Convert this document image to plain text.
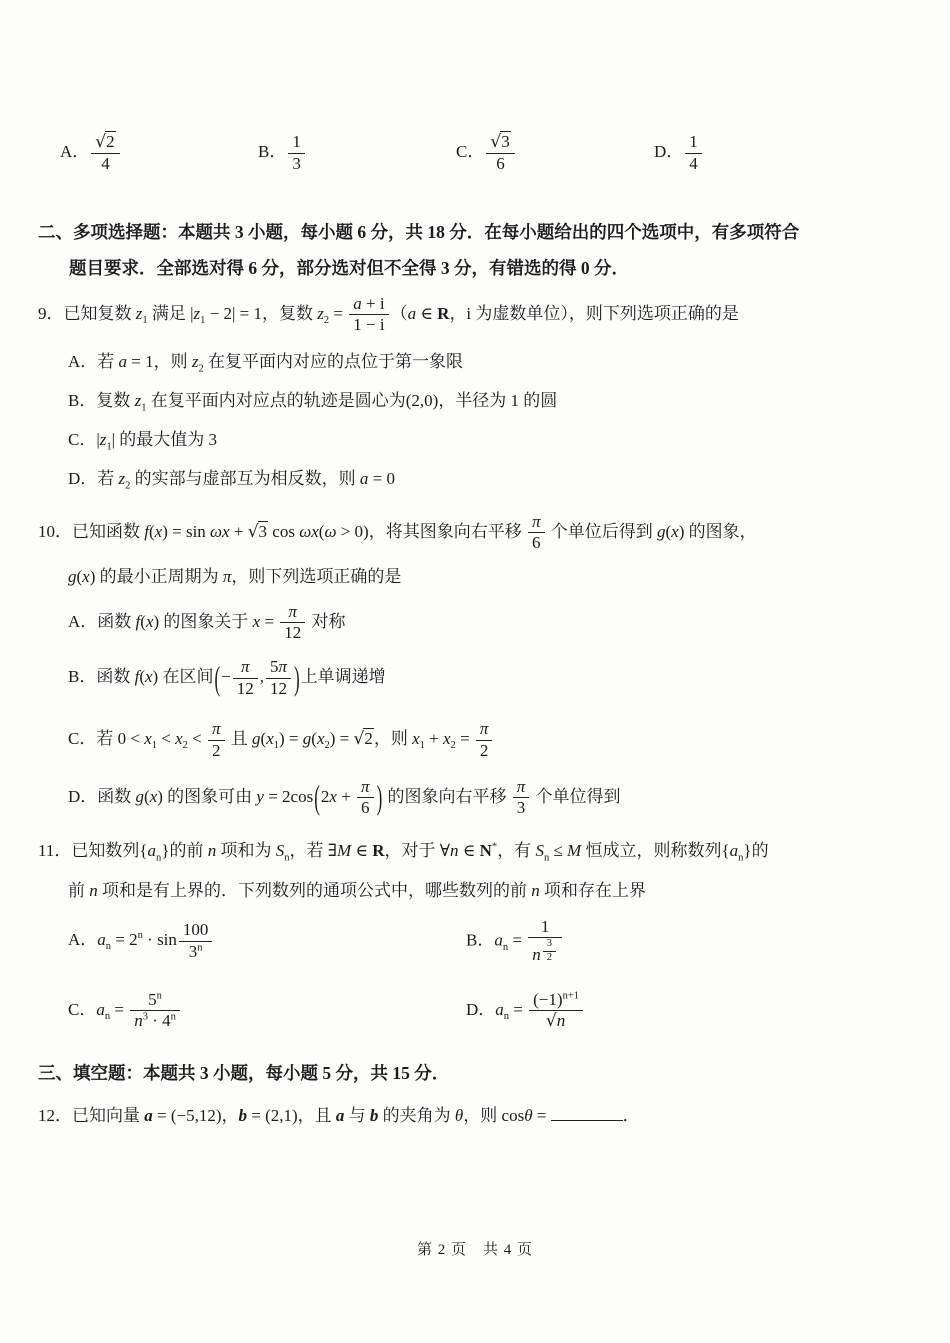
A． √ $\frac{2}{4}$	B． $\frac{1}{3}$	C． √ $\frac{3}{6}$	D． $\frac{1}{4}$
二、多项选择题：本题共 3 小题，每小题 6 分，共 18 分．在每小题给出的四个选项中，有多项符合
题目要求．全部选对得 6 分，部分选对但不全得 3 分，有错选的得 0 分．
9．已知复数 $z_1$ 满足 $|z_1 - 2| = 1$，复数 $z_2 = \frac{a + i}{1 - i} (a$ ∈ R，i 为虚数单位），则下列选项正确的是
A．若 a = 1，则 $z_2$ 在复平面内对应的点位于第一象限
B．复数 $z_1$ 在复平面内对应点的轨迹是圆心为(2,0)，半径为 1 的圆
C．$|z_1|$ 的最大值为 3
D．若 $z_2$ 的实部与虚部互为相反数，则 a = 0
10．已知函数 f(x) = sin ωx + √ 3 cos ωx(ω > 0)，将其图象向右平移 $\frac{\pi}{6}$ 个单位后得到 g(x) 的图象，
g(x) 的最小正周期为 π，则下列选项正确的是
A．函数 f(x) 的图象关于 $x = \frac{\pi}{12}$ 对称
B．函数 f(x) 在区间(− $\frac{\pi}{12}$ , $\frac{5\pi}{12}$ )上单调递增
C．若 $0 < x_1 < x_2 < \frac{\pi}{2}$ 且 $g(x_1) = g(x_2)$ = √ 2，则 $x_1 + x_2 = \frac{\pi}{2}$
D．函数 g(x) 的图象可由 $y = 2\cos(2x + \frac{\pi}{6}$ ) 的图象向右平移 $\frac{\pi}{3}$ 个单位得到
11．已知数列$\{a_n\}$的前 n 项和为 $S_n$，若 ∃M ∈ R，对于 ∀n ∈ N*，有 $S_n \le M$ 恒成立，则称数列$\{a_n\}$的
前 n 项和是有上界的．下列数列的通项公式中，哪些数列的前 n 项和存在上界
A．$a_n = 2^n \cdot \sin \frac{100}{3^n}$	B．$a_n = 1$
n $^{\frac{3}{2}}$
C．$a_n = \frac{5^n}{n^3 \cdot 4^n}$	D．$a_n = (-1)^{n+1}$
√ n
三、填空题：本题共 3 小题，每小题 5 分，共 15 分．
12．已知向量 a = (−5,12)，b = (2,1)，且 a 与 b 的夹角为 θ，则 cosθ =	．
第 2 页　共 4 页
